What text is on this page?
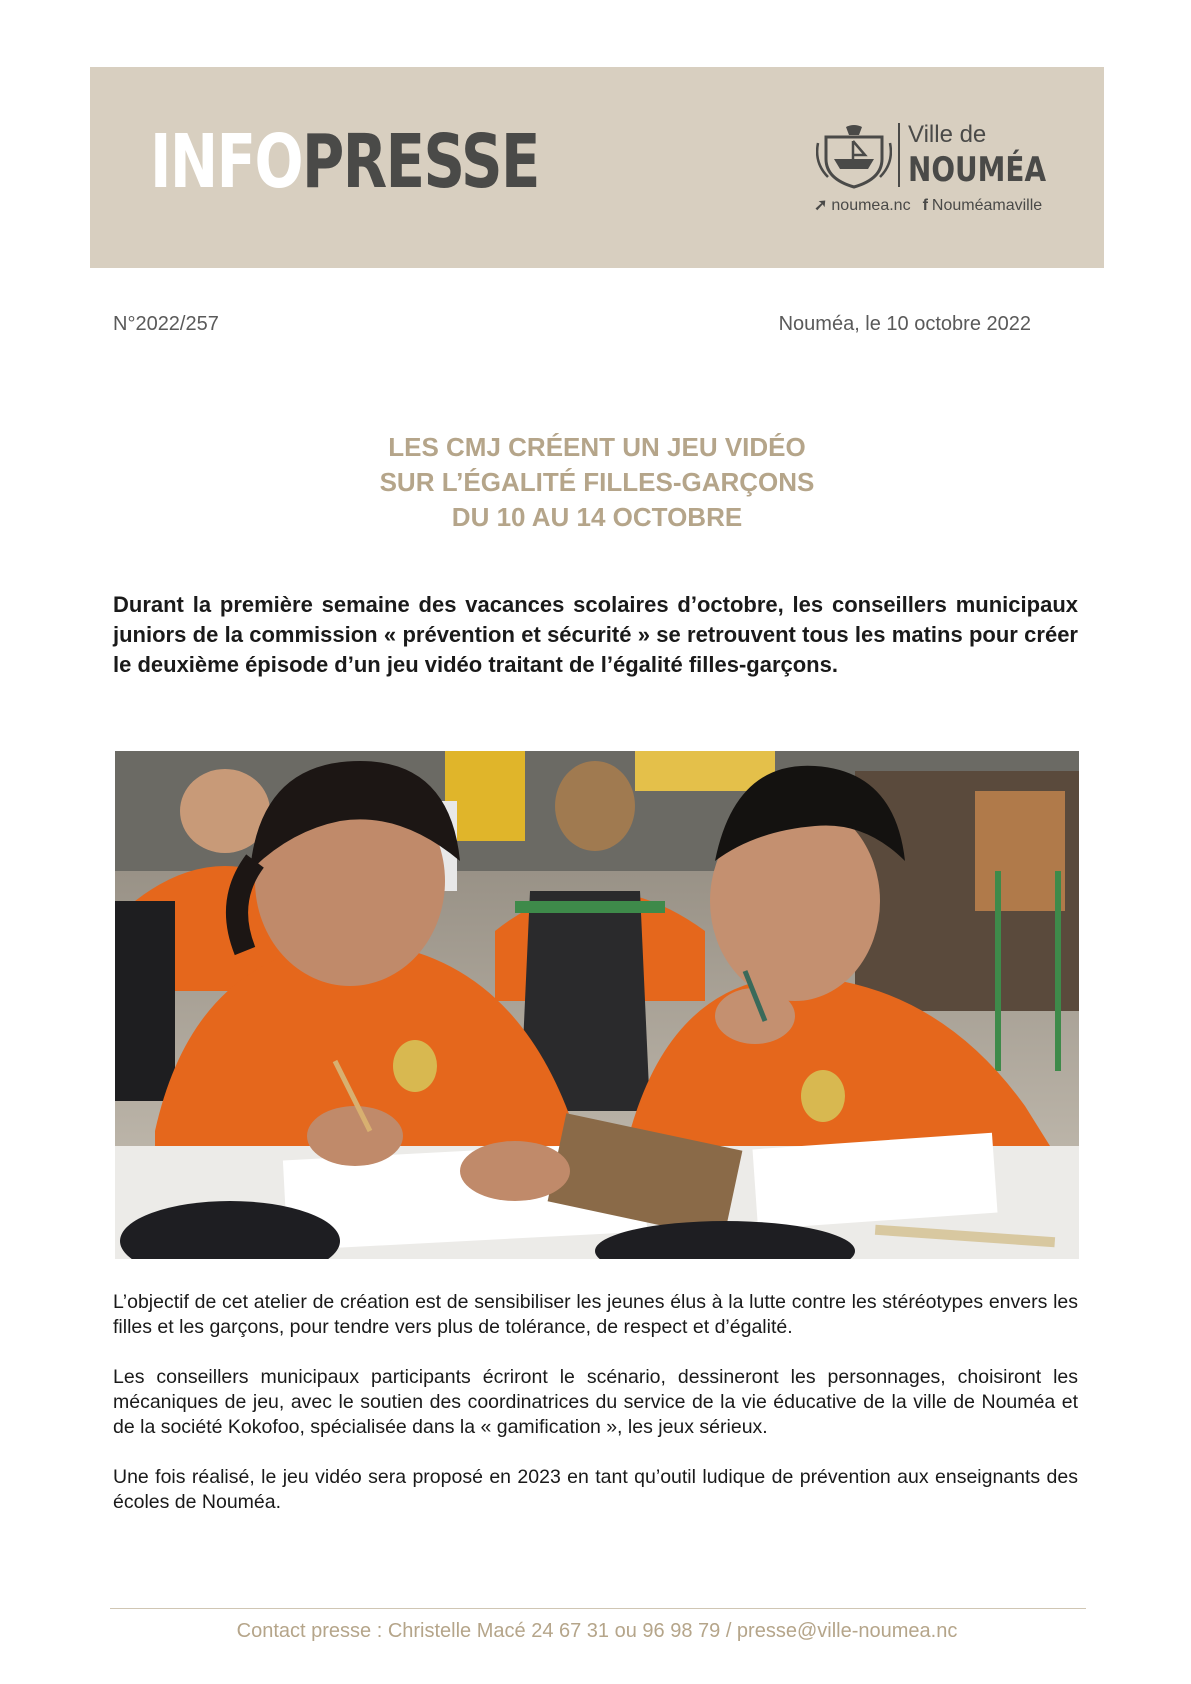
INFOPRESSE	Ville de
NOUMÉA
➚ noumea.nc f Nouméamaville
N°2022/257	Nouméa, le 10 octobre 2022
LES CMJ CRÉENT UN JEU VIDÉO
SUR L’ÉGALITÉ FILLES-GARÇONS
DU 10 AU 14 OCTOBRE

Durant la première semaine des vacances scolaires d’octobre, les conseillers municipaux juniors de la commission « prévention et sécurité » se retrouvent tous les matins pour créer le deuxième épisode d’un jeu vidéo traitant de l’égalité filles-garçons.

L’objectif de cet atelier de création est de sensibiliser les jeunes élus à la lutte contre les stéréotypes envers les filles et les garçons, pour tendre vers plus de tolérance, de respect et d’égalité.

Les conseillers municipaux participants écriront le scénario, dessineront les personnages, choisiront les mécaniques de jeu, avec le soutien des coordinatrices du service de la vie éducative de la ville de Nouméa et de la société Kokofoo, spécialisée dans la « gamification », les jeux sérieux.

Une fois réalisé, le jeu vidéo sera proposé en 2023 en tant qu’outil ludique de prévention aux enseignants des écoles de Nouméa.

Contact presse : Christelle Macé 24 67 31 ou 96 98 79 / presse@ville-noumea.nc
